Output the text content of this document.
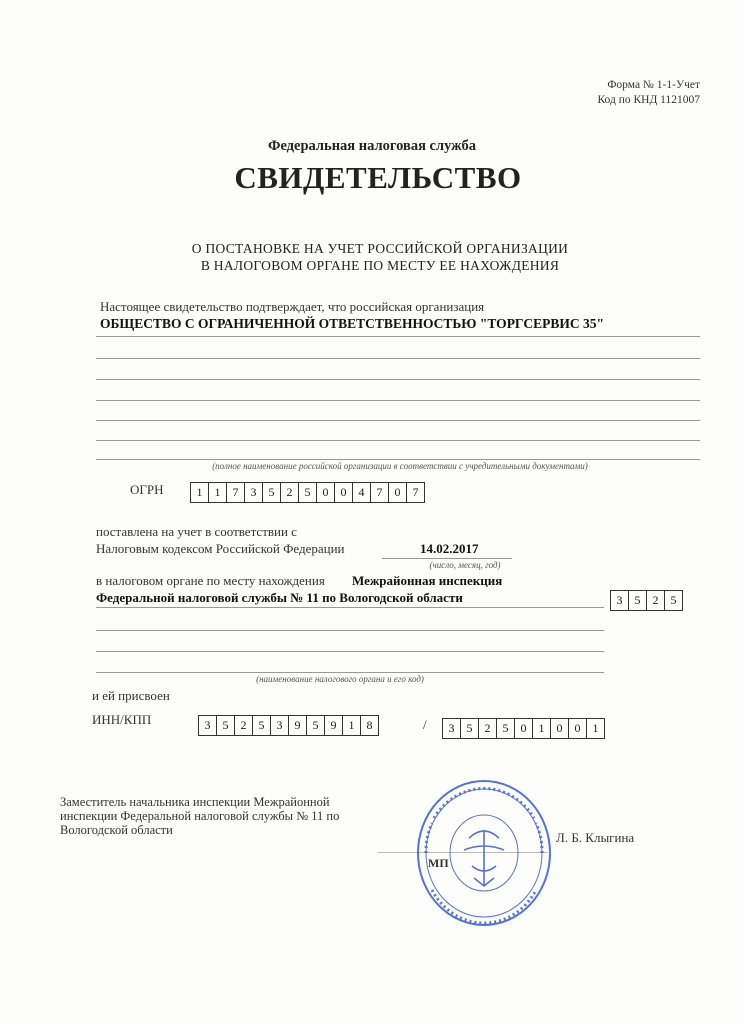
Форма № 1-1-Учет
Код по КНД 1121007
Федеральная налоговая служба
СВИДЕТЕЛЬСТВО
О ПОСТАНОВКЕ НА УЧЕТ РОССИЙСКОЙ ОРГАНИЗАЦИИ
В НАЛОГОВОМ ОРГАНЕ ПО МЕСТУ ЕЕ НАХОЖДЕНИЯ
Настоящее свидетельство подтверждает, что российская организация
ОБЩЕСТВО С ОГРАНИЧЕННОЙ ОТВЕТСТВЕННОСТЬЮ "ТОРГСЕРВИС 35"
(полное наименование российской организации в соответствии с учредительными документами)
ОГРН	1	1	7	3	5	2	5	0	0	4	7	0	7
поставлена на учет в соответствии с
Налоговым кодексом Российской Федерации	14.02.2017
(число, месяц, год)
в налоговом органе по месту нахождения Межрайонная инспекция
Федеральной налоговой службы № 11 по Вологодской области	3	5	2	5
(наименование налогового органа и его код)
и ей присвоен
ИНН/КПП	3	5	2	5	3	9	5	9	1	8	/	3	5	2	5	0	1	0	0	1
Заместитель начальника инспекции Межрайонной инспекции Федеральной налоговой службы № 11 по Вологодской области	Л. Б. Клыгина
МП
